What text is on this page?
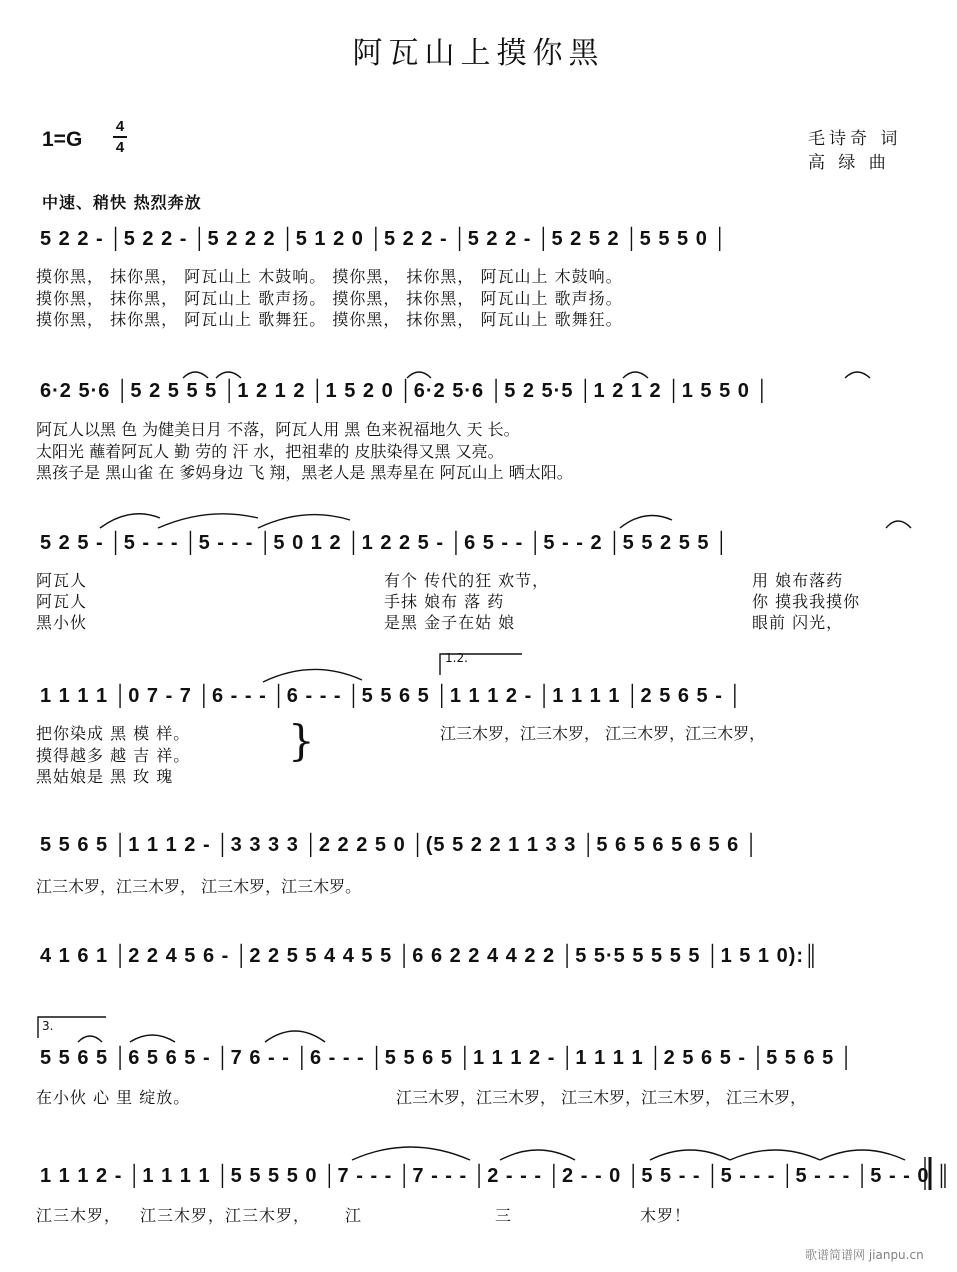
阿瓦山上摸你黑
1=G
4
4	毛诗奇 词
高 绿 曲
中速、稍快 热烈奔放
5 2 2 - │5 2 2 - │5 2 2 2 │5 1 2 0 │5 2 2 - │5 2 2 - │5 2 5 2 │5 5 5 0 │
摸你黑， 抹你黑， 阿瓦山上 木鼓响。 摸你黑， 抹你黑， 阿瓦山上 木鼓响。
摸你黑， 抹你黑， 阿瓦山上 歌声扬。 摸你黑， 抹你黑， 阿瓦山上 歌声扬。
摸你黑， 抹你黑， 阿瓦山上 歌舞狂。 摸你黑， 抹你黑， 阿瓦山上 歌舞狂。
6·2 5·6 │5 2 5 5 5 │1 2 1 2 │1 5 2 0 │6·2 5·6 │5 2 5·5 │1 2 1 2 │1 5 5 0 │
阿瓦人以黑 色 为健美日月 不落，阿瓦人用 黑 色来祝福地久 天 长。
太阳光 蘸着阿瓦人 勤 劳的 汗 水，把祖辈的 皮肤染得又黑 又亮。
黑孩子是 黑山雀 在 爹妈身边 飞 翔，黑老人是 黑寿星在 阿瓦山上 晒太阳。
5 2 5 - │5 - - - │5 - - - │5 0 1 2 │1 2 2 5 - │6 5 - - │5 - - 2 │5 5 2 5 5 │
阿瓦人
阿瓦人
黑小伙
有个 传代的狂 欢节，
手抹 娘布 落 药
是黑 金子在姑 娘
用 娘布落药
你 摸我我摸你
眼前 闪光，
1.2.
1 1 1 1 │0 7 - 7 │6 - - - │6 - - - │5 5 6 5 │1 1 1 2 - │1 1 1 1 │2 5 6 5 - │
把你染成 黑 模 样。
摸得越多 越 吉 祥。
黑姑娘是 黑 玫 瑰
}	江三木罗，江三木罗， 江三木罗，江三木罗，
5 5 6 5 │1 1 1 2 - │3 3 3 3 │2 2 2 5 0 │(5 5 2 2 1 1 3 3 │5 6 5 6 5 6 5 6 │
江三木罗，江三木罗， 江三木罗，江三木罗。
4 1 6 1 │2 2 4 5 6 - │2 2 5 5 4 4 5 5 │6 6 2 2 4 4 2 2 │5 5·5 5 5 5 5 │1 5 1 0):║
3.
5 5 6 5 │6 5 6 5 - │7 6 - - │6 - - - │5 5 6 5 │1 1 1 2 - │1 1 1 1 │2 5 6 5 - │5 5 6 5 │
在小伙 心 里 绽放。	江三木罗，江三木罗， 江三木罗，江三木罗， 江三木罗，
1 1 1 2 - │1 1 1 1 │5 5 5 5 0 │7 - - - │7 - - - │2 - - - │2 - - 0 │5 5 - - │5 - - - │5 - - - │5 - - 0 ║
江三木罗， 江三木罗，江三木罗， 江	三	木罗！
歌谱简谱网 jianpu.cn
